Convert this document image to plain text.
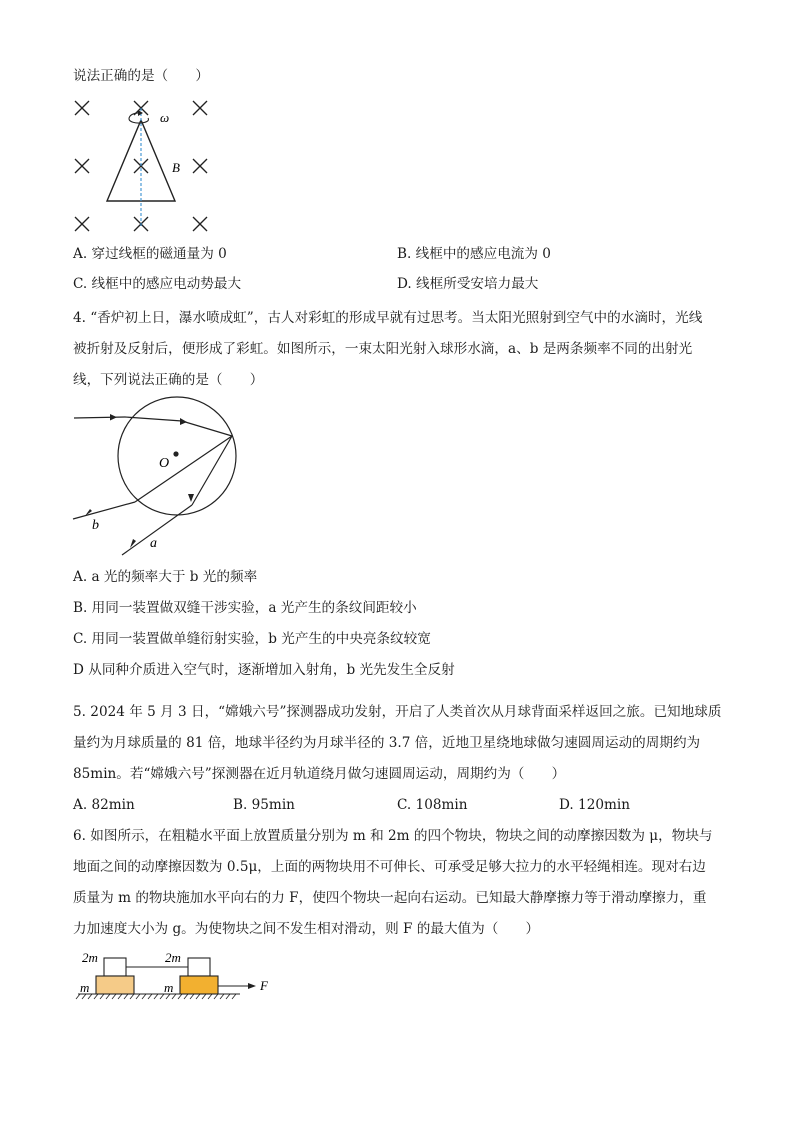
说法正确的是（　　）
ω
B
A. 穿过线框的磁通量为 0	B. 线框中的感应电流为 0
C. 线框中的感应电动势最大	D. 线框所受安培力最大
4. “香炉初上日，瀑水喷成虹”，古人对彩虹的形成早就有过思考。当太阳光照射到空气中的水滴时，光线
被折射及反射后，便形成了彩虹。如图所示，一束太阳光射入球形水滴，a、b 是两条频率不同的出射光
线，下列说法正确的是（　　）
O
b
a
A. a 光的频率大于 b 光的频率
B. 用同一装置做双缝干涉实验，a 光产生的条纹间距较小
C. 用同一装置做单缝衍射实验，b 光产生的中央亮条纹较宽
D 从同种介质进入空气时，逐渐增加入射角，b 光先发生全反射
5. 2024 年 5 月 3 日，“嫦娥六号”探测器成功发射，开启了人类首次从月球背面采样返回之旅。已知地球质
量约为月球质量的 81 倍，地球半径约为月球半径的 3.7 倍，近地卫星绕地球做匀速圆周运动的周期约为
85min。若“嫦娥六号”探测器在近月轨道绕月做匀速圆周运动，周期约为（　　）
A. 82min	B. 95min	C. 108min	D. 120min
6. 如图所示，在粗糙水平面上放置质量分别为 m 和 2m 的四个物块，物块之间的动摩擦因数为 μ，物块与
地面之间的动摩擦因数为 0.5μ，上面的两物块用不可伸长、可承受足够大拉力的水平轻绳相连。现对右边
质量为 m 的物块施加水平向右的力 F，使四个物块一起向右运动。已知最大静摩擦力等于滑动摩擦力，重
力加速度大小为 g。为使物块之间不发生相对滑动，则 F 的最大值为（　　）
2m	2m
m	m	F
